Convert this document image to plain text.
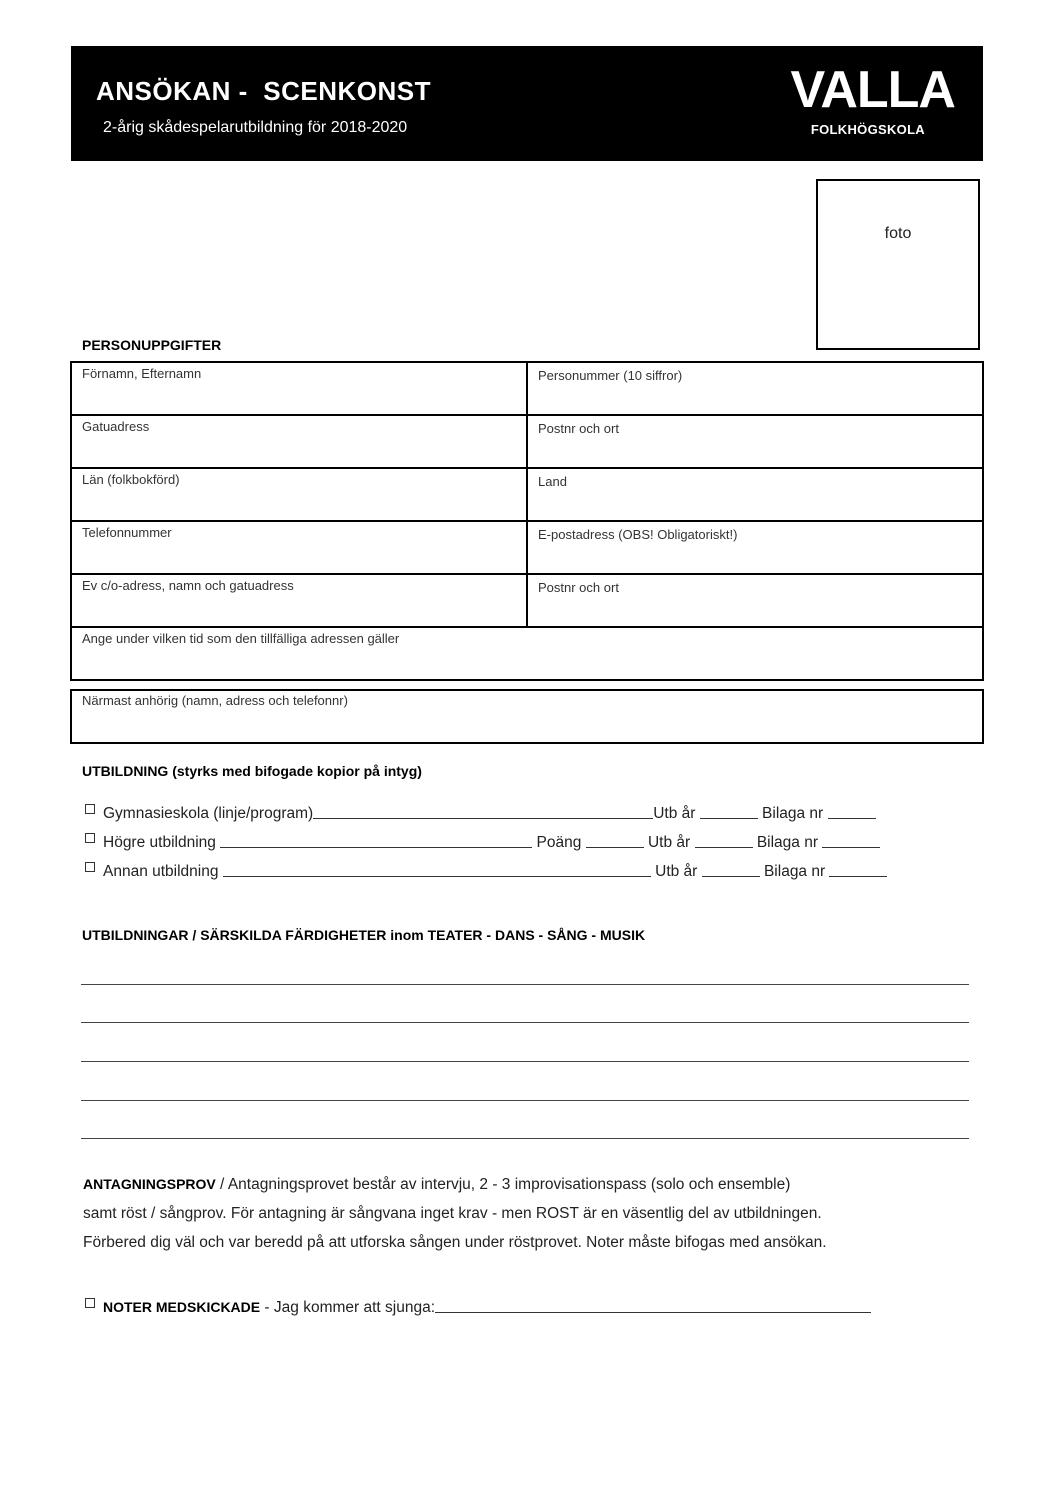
ANSÖKAN -  SCENKONST
2-årig skådespelarutbildning för 2018-2020
VALLA
FOLKHÖGSKOLA
foto
PERSONUPPGIFTER
Förnamn, Efternamn	Personummer (10 siffror)
Gatuadress	Postnr och ort
Län (folkbokförd)	Land
Telefonnummer	E-postadress (OBS! Obligatoriskt!)
Ev c/o-adress, namn och gatuadress	Postnr och ort
Ange under vilken tid som den tillfälliga adressen gäller
Närmast anhörig (namn, adress och telefonnr)
UTBILDNING (styrks med bifogade kopior på intyg)
Gymnasieskola (linje/program)	Utb år	Bilaga nr
Högre utbildning	Poäng	Utb år	Bilaga nr
Annan utbildning	Utb år	Bilaga nr
UTBILDNINGAR / SÄRSKILDA FÄRDIGHETER inom TEATER - DANS - SÅNG - MUSIK
ANTAGNINGSPROV / Antagningsprovet består av intervju, 2 - 3 improvisationspass (solo och ensemble)
samt röst / sångprov. För antagning är sångvana inget krav - men ROST är en väsentlig del av utbildningen.
Förbered dig väl och var beredd på att utforska sången under röstprovet. Noter måste bifogas med ansökan.
NOTER MEDSKICKADE - Jag kommer att sjunga:
